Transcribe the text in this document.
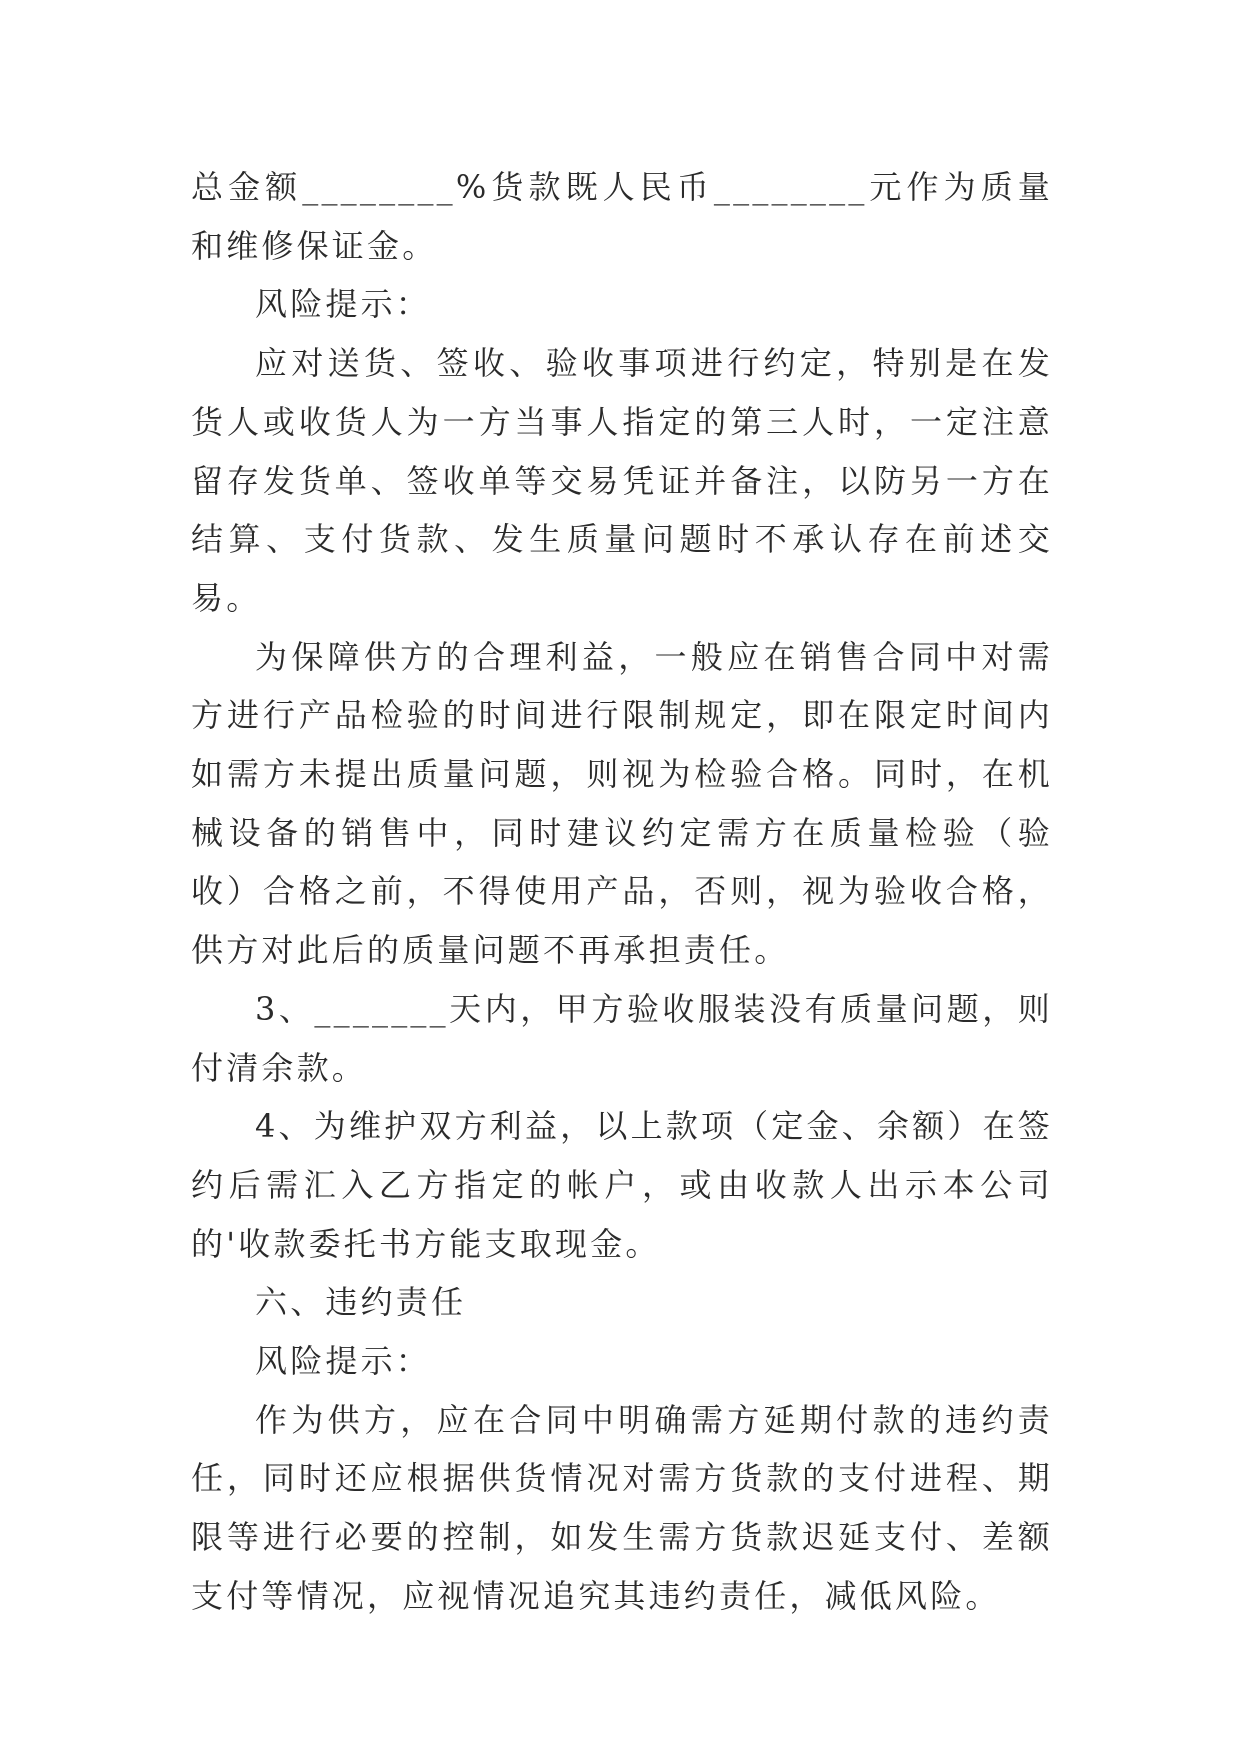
总金额________%货款既人民币________元作为质量和维修保证金。

风险提示：

应对送货、签收、验收事项进行约定，特别是在发货人或收货人为一方当事人指定的第三人时，一定注意留存发货单、签收单等交易凭证并备注，以防另一方在结算、支付货款、发生质量问题时不承认存在前述交易。

为保障供方的合理利益，一般应在销售合同中对需方进行产品检验的时间进行限制规定，即在限定时间内如需方未提出质量问题，则视为检验合格。同时，在机械设备的销售中，同时建议约定需方在质量检验（验收）合格之前，不得使用产品，否则，视为验收合格，供方对此后的质量问题不再承担责任。

3、_______天内，甲方验收服装没有质量问题，则付清余款。

4、为维护双方利益，以上款项（定金、余额）在签约后需汇入乙方指定的帐户，或由收款人出示本公司的'收款委托书方能支取现金。

六、违约责任

风险提示：

作为供方，应在合同中明确需方延期付款的违约责任，同时还应根据供货情况对需方货款的支付进程、期限等进行必要的控制，如发生需方货款迟延支付、差额支付等情况，应视情况追究其违约责任，减低风险。
